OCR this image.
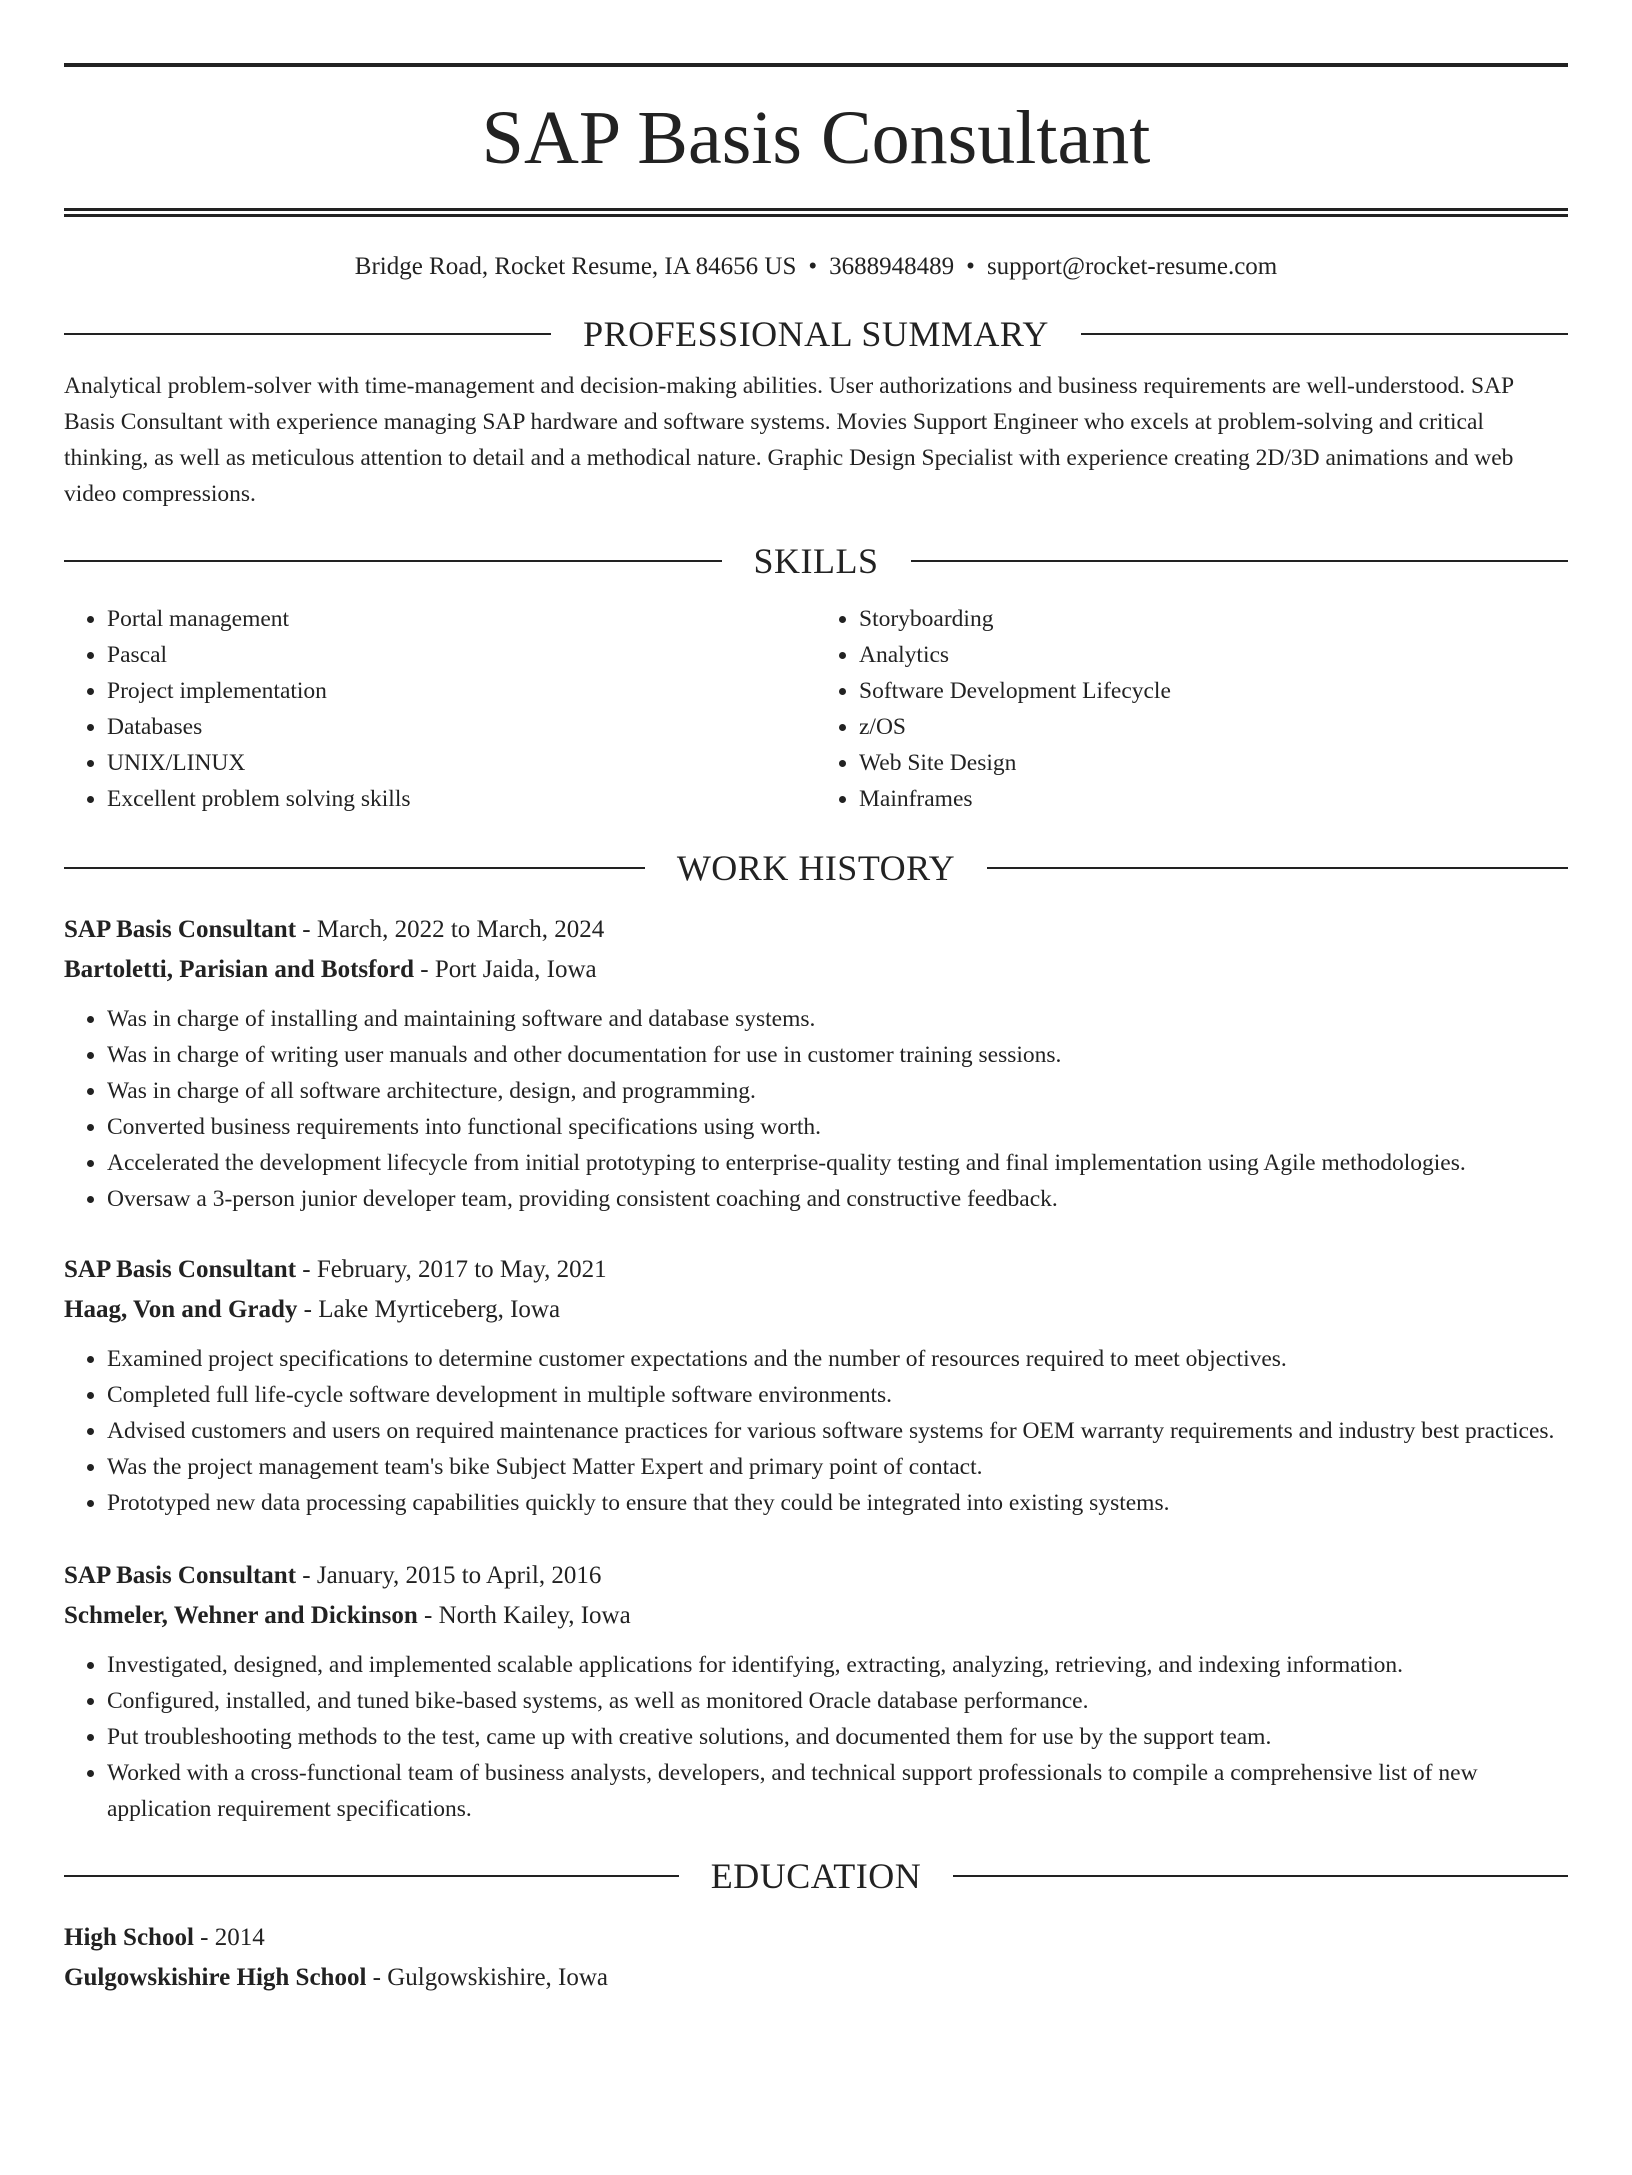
SAP Basis Consultant
Bridge Road, Rocket Resume, IA 84656 US • 3688948489 • support@rocket-resume.com
PROFESSIONAL SUMMARY
Analytical problem-solver with time-management and decision-making abilities. User authorizations and business requirements are well-understood. SAP Basis Consultant with experience managing SAP hardware and software systems. Movies Support Engineer who excels at problem-solving and critical thinking, as well as meticulous attention to detail and a methodical nature. Graphic Design Specialist with experience creating 2D/3D animations and web video compressions.
SKILLS
• Portal management
• Pascal
• Project implementation
• Databases
• UNIX/LINUX
• Excellent problem solving skills
• Storyboarding
• Analytics
• Software Development Lifecycle
• z/OS
• Web Site Design
• Mainframes
WORK HISTORY
SAP Basis Consultant - March, 2022 to March, 2024
Bartoletti, Parisian and Botsford - Port Jaida, Iowa
• Was in charge of installing and maintaining software and database systems.
• Was in charge of writing user manuals and other documentation for use in customer training sessions.
• Was in charge of all software architecture, design, and programming.
• Converted business requirements into functional specifications using worth.
• Accelerated the development lifecycle from initial prototyping to enterprise-quality testing and final implementation using Agile methodologies.
• Oversaw a 3-person junior developer team, providing consistent coaching and constructive feedback.
SAP Basis Consultant - February, 2017 to May, 2021
Haag, Von and Grady - Lake Myrticeberg, Iowa
• Examined project specifications to determine customer expectations and the number of resources required to meet objectives.
• Completed full life-cycle software development in multiple software environments.
• Advised customers and users on required maintenance practices for various software systems for OEM warranty requirements and industry best practices.
• Was the project management team's bike Subject Matter Expert and primary point of contact.
• Prototyped new data processing capabilities quickly to ensure that they could be integrated into existing systems.
SAP Basis Consultant - January, 2015 to April, 2016
Schmeler, Wehner and Dickinson - North Kailey, Iowa
• Investigated, designed, and implemented scalable applications for identifying, extracting, analyzing, retrieving, and indexing information.
• Configured, installed, and tuned bike-based systems, as well as monitored Oracle database performance.
• Put troubleshooting methods to the test, came up with creative solutions, and documented them for use by the support team.
• Worked with a cross-functional team of business analysts, developers, and technical support professionals to compile a comprehensive list of new application requirement specifications.
EDUCATION
High School - 2014
Gulgowskishire High School - Gulgowskishire, Iowa
